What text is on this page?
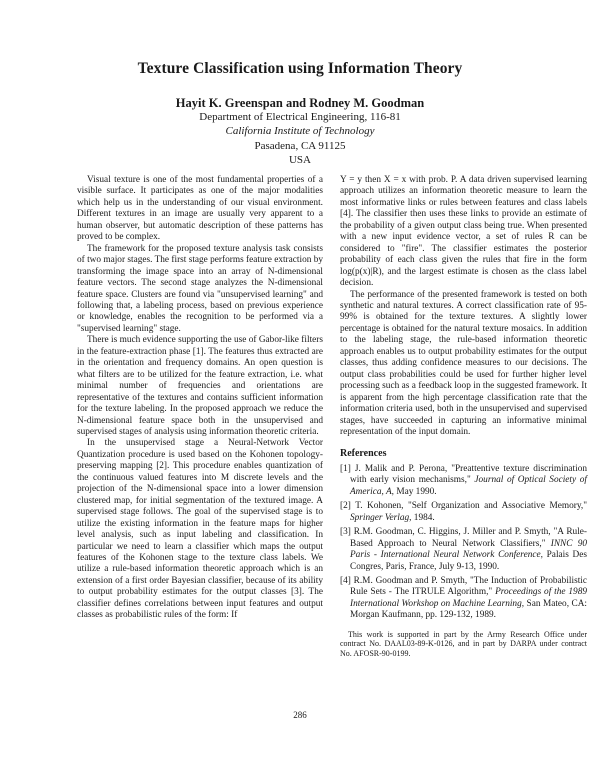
Texture Classification using Information Theory
Hayit K. Greenspan and Rodney M. Goodman
Department of Electrical Engineering, 116-81
California Institute of Technology
Pasadena, CA 91125
USA

Visual texture is one of the most fundamental properties of a visible surface. It participates as one of the major modalities which help us in the understanding of our visual environment. Different textures in an image are usually very apparent to a human observer, but automatic description of these patterns has proved to be complex.

The framework for the proposed texture analysis task consists of two major stages. The first stage performs feature extraction by transforming the image space into an array of N-dimensional feature vectors. The second stage analyzes the N-dimensional feature space. Clusters are found via "unsupervised learning" and following that, a labeling process, based on previous experience or knowledge, enables the recognition to be performed via a "supervised learning" stage.

There is much evidence supporting the use of Gabor-like filters in the feature-extraction phase [1]. The features thus extracted are in the orientation and frequency domains. An open question is what filters are to be utilized for the feature extraction, i.e. what minimal number of frequencies and orientations are representative of the textures and contains sufficient information for the texture labeling. In the proposed approach we reduce the N-dimensional feature space both in the unsupervised and supervised stages of analysis using information theoretic criteria.

In the unsupervised stage a Neural-Network Vector Quantization procedure is used based on the Kohonen topology-preserving mapping [2]. This procedure enables quantization of the continuous valued features into M discrete levels and the projection of the N-dimensional space into a lower dimension clustered map, for initial segmentation of the textured image. A supervised stage follows. The goal of the supervised stage is to utilize the existing information in the feature maps for higher level analysis, such as input labeling and classification. In particular we need to learn a classifier which maps the output features of the Kohonen stage to the texture class labels. We utilize a rule-based information theoretic approach which is an extension of a first order Bayesian classifier, because of its ability to output probability estimates for the output classes [3]. The classifier defines correlations between input features and output classes as probabilistic rules of the form: If

Y = y then X = x with prob. P. A data driven supervised learning approach utilizes an information theoretic measure to learn the most informative links or rules between features and class labels [4]. The classifier then uses these links to provide an estimate of the probability of a given output class being true. When presented with a new input evidence vector, a set of rules R can be considered to "fire". The classifier estimates the posterior probability of each class given the rules that fire in the form log(p(x)|R), and the largest estimate is chosen as the class label decision.

The performance of the presented framework is tested on both synthetic and natural textures. A correct classification rate of 95-99% is obtained for the texture textures. A slightly lower percentage is obtained for the natural texture mosaics. In addition to the labeling stage, the rule-based information theoretic approach enables us to output probability estimates for the output classes, thus adding confidence measures to our decisions. The output class probabilities could be used for further higher level processing such as a feedback loop in the suggested framework. It is apparent from the high percentage classification rate that the information criteria used, both in the unsupervised and supervised stages, have succeeded in capturing an informative minimal representation of the input domain.

References
[1] J. Malik and P. Perona, "Preattentive texture discrimination with early vision mechanisms," Journal of Optical Society of America, A, May 1990.
[2] T. Kohonen, "Self Organization and Associative Memory," Springer Verlag, 1984.
[3] R.M. Goodman, C. Higgins, J. Miller and P. Smyth, "A Rule-Based Approach to Neural Network Classifiers," INNC 90 Paris - International Neural Network Conference, Palais Des Congres, Paris, France, July 9-13, 1990.
[4] R.M. Goodman and P. Smyth, "The Induction of Probabilistic Rule Sets - The ITRULE Algorithm," Proceedings of the 1989 International Workshop on Machine Learning, San Mateo, CA: Morgan Kaufmann, pp. 129-132, 1989.
This work is supported in part by the Army Research Office under contract No. DAAL03-89-K-0126, and in part by DARPA under contract No. AFOSR-90-0199.
286
